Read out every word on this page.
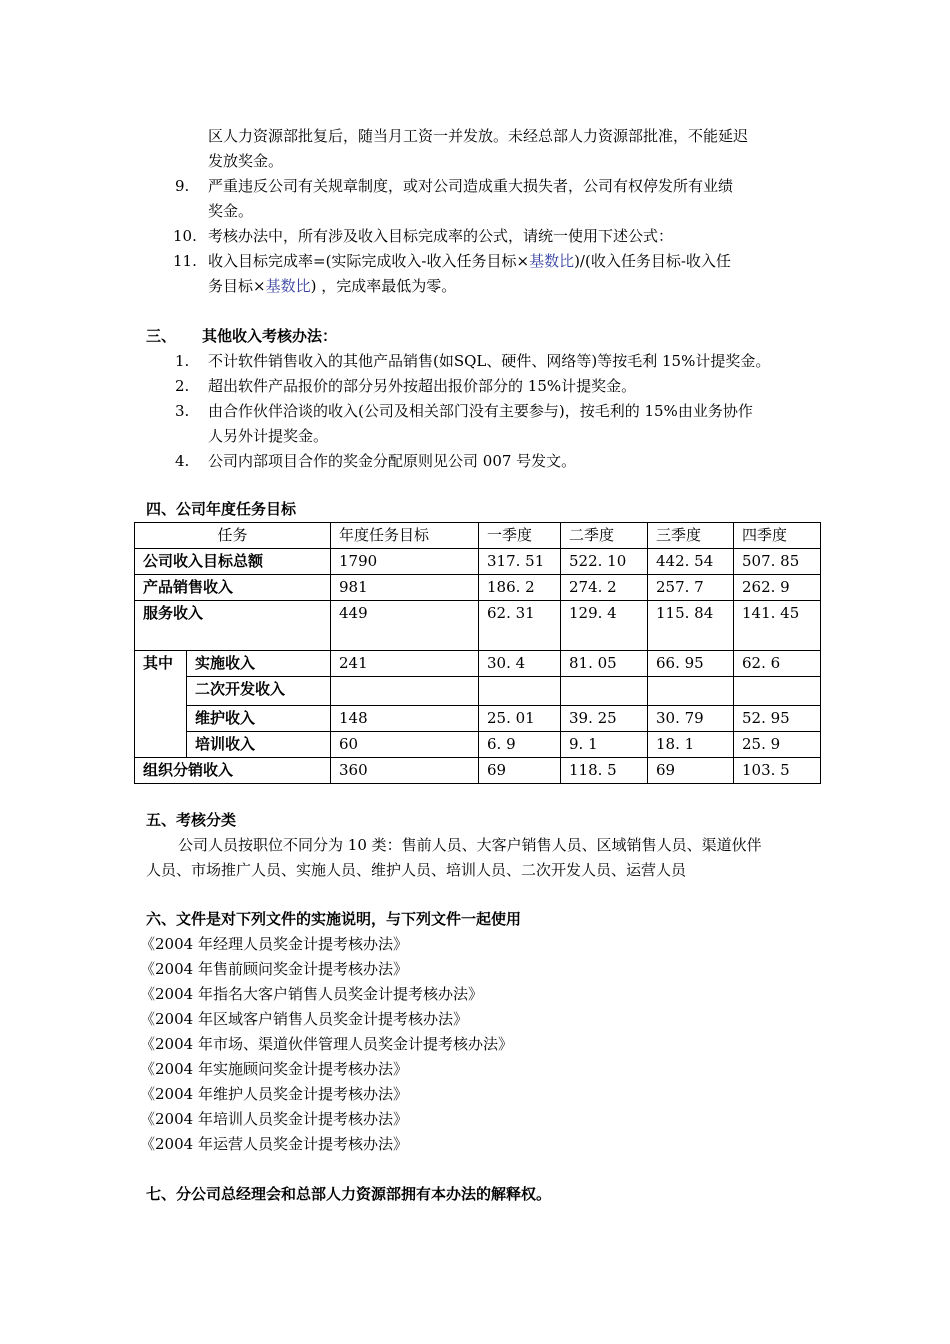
区人力资源部批复后，随当月工资一并发放。未经总部人力资源部批准，不能延迟
发放奖金。
9. 严重违反公司有关规章制度，或对公司造成重大损失者，公司有权停发所有业绩
奖金。
10. 考核办法中，所有涉及收入目标完成率的公式，请统一使用下述公式：
11. 收入目标完成率=(实际完成收入-收入任务目标×基数比)/(收入任务目标-收入任
务目标×基数比) ，完成率最低为零。
三、 其他收入考核办法：
1. 不计软件销售收入的其他产品销售(如SQL、硬件、网络等)等按毛利 15%计提奖金。
2. 超出软件产品报价的部分另外按超出报价部分的 15%计提奖金。
3. 由合作伙伴洽谈的收入(公司及相关部门没有主要参与)，按毛利的 15%由业务协作
人另外计提奖金。
4. 公司内部项目合作的奖金分配原则见公司 007 号发文。
四、公司年度任务目标
任务		年度任务目标	一季度	二季度	三季度	四季度
公司收入目标总额		1790	317. 51	522. 10	442. 54	507. 85
产品销售收入		981	186. 2	274. 2	257. 7	262. 9
服务收入		449	62. 31	129. 4	115. 84	141. 45
其中	实施收入	241	30. 4	81. 05	66. 95	62. 6
	二次开发收入					
	维护收入	148	25. 01	39. 25	30. 79	52. 95
	培训收入	60	6. 9	9. 1	18. 1	25. 9
组织分销收入		360	69	118. 5	69	103. 5
五、考核分类
公司人员按职位不同分为 10 类：售前人员、大客户销售人员、区域销售人员、渠道伙伴
人员、市场推广人员、实施人员、维护人员、培训人员、二次开发人员、运营人员
六、文件是对下列文件的实施说明，与下列文件一起使用
《2004 年经理人员奖金计提考核办法》
《2004 年售前顾问奖金计提考核办法》
《2004 年指名大客户销售人员奖金计提考核办法》
《2004 年区域客户销售人员奖金计提考核办法》
《2004 年市场、渠道伙伴管理人员奖金计提考核办法》
《2004 年实施顾问奖金计提考核办法》
《2004 年维护人员奖金计提考核办法》
《2004 年培训人员奖金计提考核办法》
《2004 年运营人员奖金计提考核办法》
七、分公司总经理会和总部人力资源部拥有本办法的解释权。
